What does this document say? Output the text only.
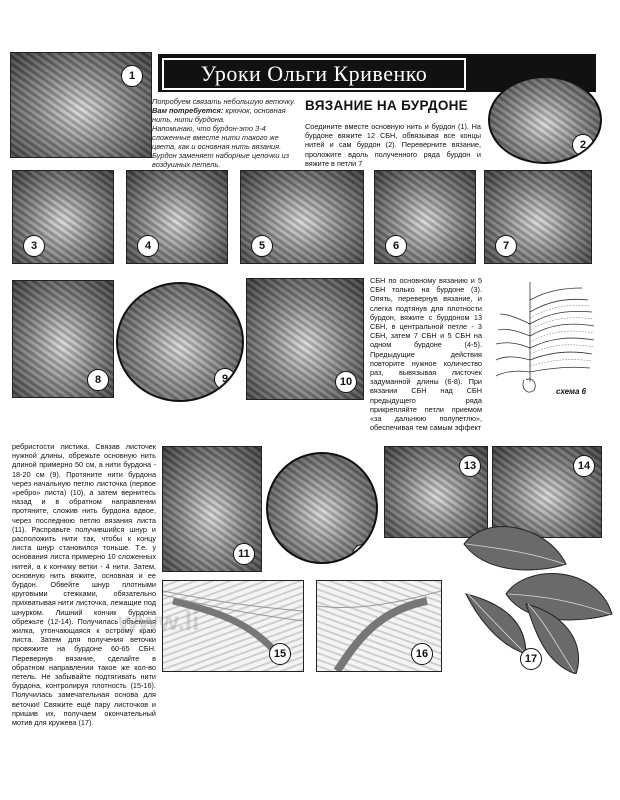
1	Уроки Ольги Кривенко
Попробуем связать небольшую веточку.
Вам потребуется: крючок, основная нить, нити бурдона.
Напоминаю, что бурдон-это 3-4 сложенные вместе нити такого же цвета, как и основная нить вязания. Бурдон заменяет наборные цепочки из воздушных петель.
ВЯЗАНИЕ НА БУРДОНЕ
Соедините вместе основную нить и бурдон (1). На бурдоне вяжите 12 СБН, обвязывая все концы нитей и сам бурдон (2). Переверните вязание, проложите вдоль полученного ряда бурдон и вяжите в петли 7
2
3	4	5	6	7
8	9	10
СБН по основному вязанию и 5 СБН только на бурдоне (3). Опять, перевернув вязание, и слегка подтянув для плотности бурдон, вяжите с бурдоном 13 СБН, в центральной петле - 3 СБН, затем 7 СБН и 5 СБН на одном бурдоне (4-5). Предыдущие действия повторите нужное количество раз, вывязывая листочек задуманной длины (6-8). При вязании СБН над СБН предыдущего ряда прикрепляйте петли приемом «за дальнюю полупетлю», обеспечивая тем самым эффект
схема 6
ребристости листика. Связав листочек нужной длины, обрежьте основную нить длиной примерно 50 см, а нити бурдона - 18-20 см (9). Протяните нити бурдона через начальную петлю листочка (первое «ребро» листа) (10), а затем вернитесь назад и в обратном направлении протяните, сложив нить бурдона вдвое, через последнюю петлю вязания листа (11). Расправьте получившийся шнур и расположить нити так, чтобы к концу листа шнур становился тоньше. Т.е. у основания листа примерно 10 сложенных нитей, а к кончику ветки - 4 нити. Затем, основную нить вяжите, основная и ее бурдон. Обвейте шнур плотными круговыми стежками, обязательно прихватывая нити листочка, лежащие под шнурком. Лишний кончик бурдона обрежьте (12-14). Получилась объемная жилка, утончающаяся к острому краю листа. Затем для получения веточки провяжите на бурдоне 60-65 СБН. Перевернув вязание, сделайте в обратном направлении такое же кол-во петель. Не забывайте подтягивать нити бурдона, контролируя плотность (15-16). Получилась замечательная основа для веточки! Свяжите ещё пару листочков и пришив их, получаем окончательный мотив для кружева (17).
11	12
13	14
15	16	17
www.li
